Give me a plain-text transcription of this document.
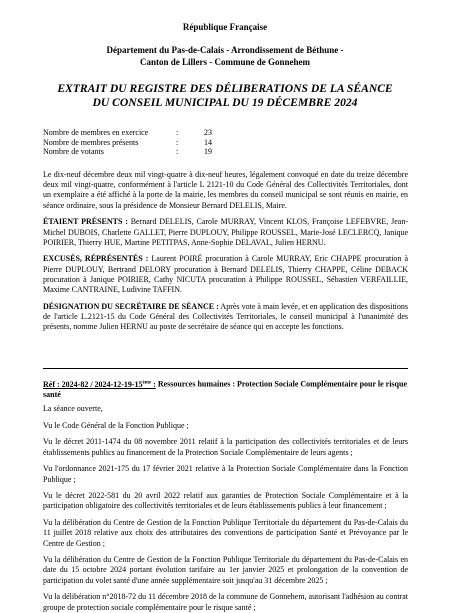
République Française

Département du Pas-de-Calais - Arrondissement de Béthune -
Canton de Lillers - Commune de Gonnehem
EXTRAIT DU REGISTRE DES DÉLIBERATIONS DE LA SÉANCE
DU CONSEIL MUNICIPAL DU 19 DÉCEMBRE 2024
Nombre de membres en exercice	:	23
Nombre de membres présents	:	14
Nombre de votants	:	19

Le dix-neuf décembre deux mil vingt-quatre à dix-neuf heures, légalement convoqué en date du treize décembre deux mil vingt-quatre, conformément à l'article L 2121-10 du Code Général des Collectivités Territoriales, dont un exemplaire a été affiché à la porte de la mairie, les membres du conseil municipal se sont réunis en mairie, en séance ordinaire, sous la présidence de Monsieur Bernard DELELIS, Maire.

ÉTAIENT PRÉSENTS : Bernard DELELIS, Carole MURRAY, Vincent KLOS, Françoise LEFEBVRE, Jean-Michel DUBOIS, Charlette GALLET, Pierre DUPLOUY, Philippe ROUSSEL, Marie-José LECLERCQ, Janique POIRIER, Thierry HUE, Martine PETITPAS, Anne-Sophie DELAVAL, Julien HERNU.

EXCUSÉS, RÉPRÉSENTÉS : Laurent POIRÉ procuration à Carole MURRAY, Eric CHAPPE procuration à Pierre DUPLOUY, Bertrand DELORY procuration à Bernard DELELIS, Thierry CHAPPE, Céline DEBACK procuration à Janique POIRIER, Cathy NICUTA procuration à Philippe ROUSSEL, Sébastien VERFAILLIE, Maxime CANTRAINE, Ludivine TAFFIN.

DÉSIGNATION DU SECRÉTAIRE DE SÉANCE : Après vote à main levée, et en application des dispositions de l'article L.2121-15 du Code Général des Collectivités Territoriales, le conseil municipal à l'unanimité des présents, nomme Julien HERNU au poste de secrétaire de séance qui en accepte les fonctions.

Réf : 2024-82 / 2024-12-19-15ème : Ressources humaines : Protection Sociale Complémentaire pour le risque santé

La séance ouverte,

Vu le Code Général de la Fonction Publique ;

Vu le décret 2011-1474 du 08 novembre 2011 relatif à la participation des collectivités territoriales et de leurs établissements publics au financement de la Protection Sociale Complémentaire de leurs agents ;

Vu l'ordonnance 2021-175 du 17 février 2021 relative à la Protection Sociale Complémentaire dans la Fonction Publique ;

Vu le décret 2022-581 du 20 avril 2022 relatif aux garanties de Protection Sociale Complémentaire et à la participation obligatoire des collectivités territoriales et de leurs établissements publics à leur financement ;

Vu la délibération du Centre de Gestion de la Fonction Publique Territoriale du département du Pas-de-Calais du 11 juillet 2018 relative aux choix des attributaires des conventions de participation Santé et Prévoyance par le Centre de Gestion ;

Vu la délibération du Centre de Gestion de la Fonction Publique Territoriale du département du Pas-de-Calais en date du 15 octobre 2024 portant évolution tarifaire au 1er janvier 2025 et prolongation de la convention de participation du volet santé d'une année supplémentaire soit jusqu'au 31 décembre 2025 ;

Vu la délibération n°2018-72 du 11 décembre 2018 de la commune de Gonnehem, autorisant l'adhésion au contrat groupe de protection sociale complémentaire pour le risque santé ;
